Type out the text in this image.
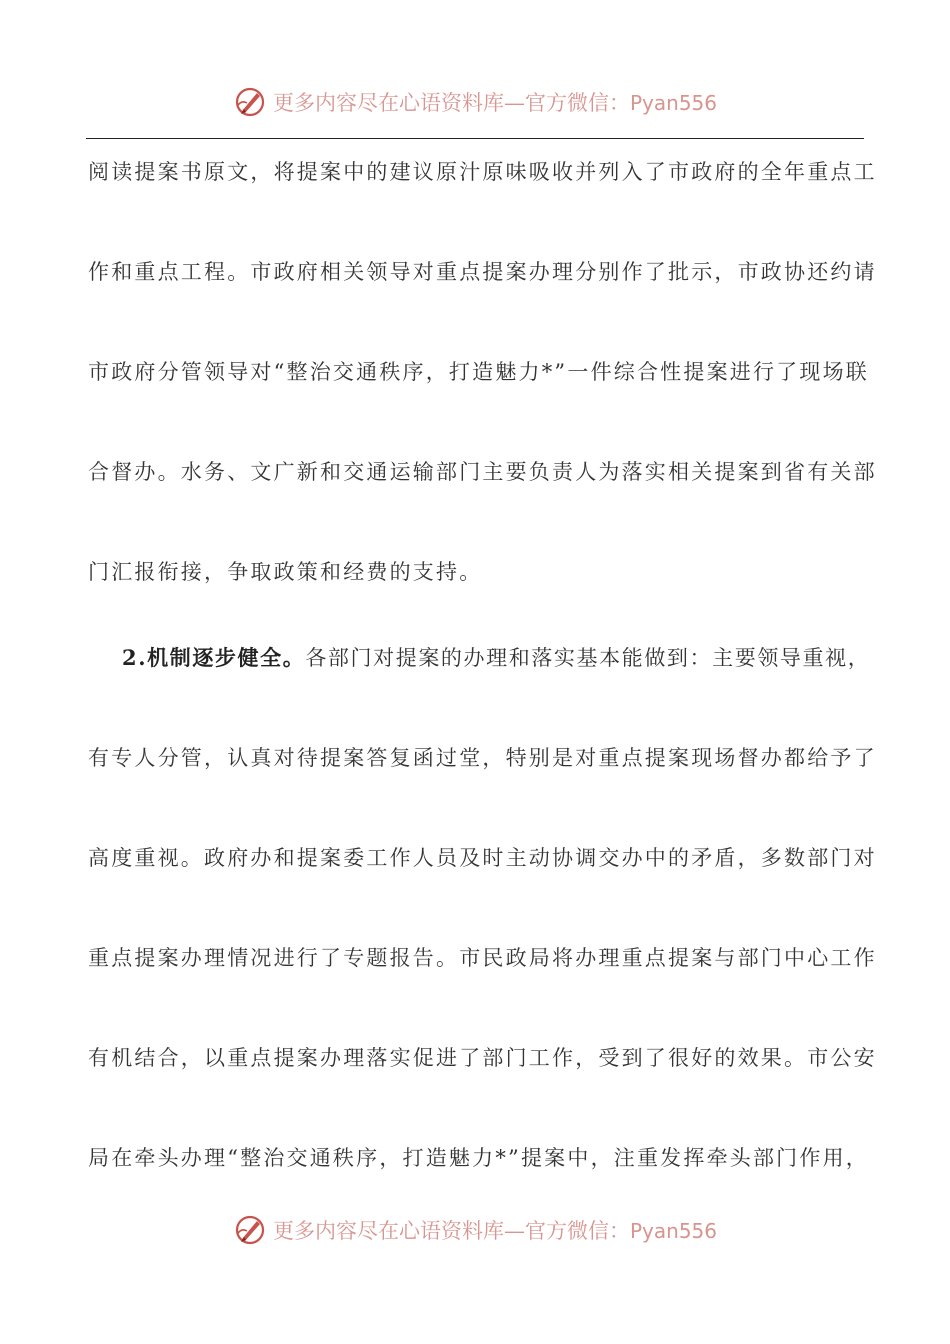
更多内容尽在心语资料库—官方微信：Pyan556
阅读提案书原文，将提案中的建议原汁原味吸收并列入了市政府的全年重点工
作和重点工程。市政府相关领导对重点提案办理分别作了批示，市政协还约请
市政府分管领导对“整治交通秩序，打造魅力*”一件综合性提案进行了现场联
合督办。水务、文广新和交通运输部门主要负责人为落实相关提案到省有关部
门汇报衔接，争取政策和经费的支持。
2.机制逐步健全。各部门对提案的办理和落实基本能做到：主要领导重视，
有专人分管，认真对待提案答复函过堂，特别是对重点提案现场督办都给予了
高度重视。政府办和提案委工作人员及时主动协调交办中的矛盾，多数部门对
重点提案办理情况进行了专题报告。市民政局将办理重点提案与部门中心工作
有机结合，以重点提案办理落实促进了部门工作，受到了很好的效果。市公安
局在牵头办理“整治交通秩序，打造魅力*”提案中，注重发挥牵头部门作用，
更多内容尽在心语资料库—官方微信：Pyan556
